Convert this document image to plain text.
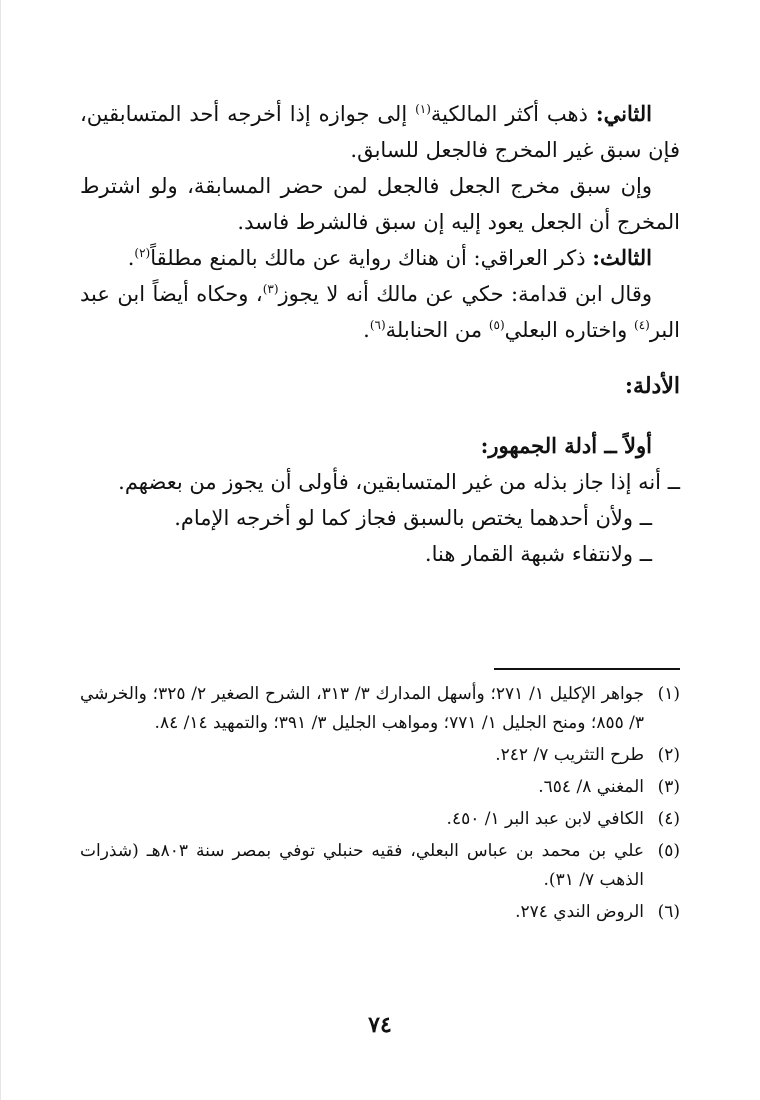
الثاني: ذهب أكثر المالكية$^{(١)}$ إلى جوازه إذا أخرجه أحد المتسابقين، فإن سبق غير المخرج فالجعل للسابق.

وإن سبق مخرج الجعل فالجعل لمن حضر المسابقة، ولو اشترط المخرج أن الجعل يعود إليه إن سبق فالشرط فاسد.

الثالث: ذكر العراقي: أن هناك رواية عن مالك بالمنع مطلقاً$^{(٢)}$.

وقال ابن قدامة: حكي عن مالك أنه لا يجوز$^{(٣)}$، وحكاه أيضاً ابن عبد البر$^{(٤)}$ واختاره البعلي$^{(٥)}$ من الحنابلة$^{(٦)}$.

الأدلة:

أولاً ــ أدلة الجمهور:

ــ أنه إذا جاز بذله من غير المتسابقين، فأولى أن يجوز من بعضهم.

ــ ولأن أحدهما يختص بالسبق فجاز كما لو أخرجه الإمام.

ــ ولانتفاء شبهة القمار هنا.

(١)
جواهر الإكليل ١/ ٢٧١؛ وأسهل المدارك ٣/ ٣١٣، الشرح الصغير ٢/ ٣٢٥؛ والخرشي ٣/ ٨٥٥؛ ومنح الجليل ١/ ٧٧١؛ ومواهب الجليل ٣/ ٣٩١؛ والتمهيد ١٤/ ٨٤.
(٢)
طرح التثريب ٧/ ٢٤٢.
(٣)
المغني ٨/ ٦٥٤.
(٤)
الكافي لابن عبد البر ١/ ٤٥٠.
(٥)
علي بن محمد بن عباس البعلي، فقيه حنبلي توفي بمصر سنة ٨٠٣هـ (شذرات الذهب ٧/ ٣١).
(٦)
الروض الندي ٢٧٤.
٧٤
